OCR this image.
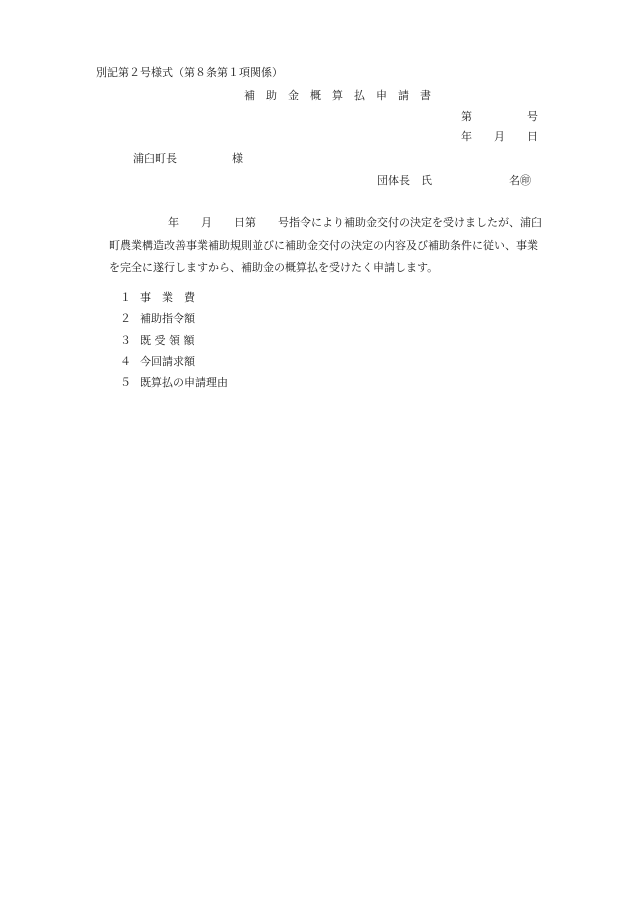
別記第２号様式（第８条第１項関係）
補　助　金　概　算　払　申　請　書
第　　　　　号
年　　月　　日
浦臼町長　　　　　様
団体長　氏　　　　　　　名㊞
年　　月　　日第　　号指令により補助金交付の決定を受けましたが、浦臼
町農業構造改善事業補助規則並びに補助金交付の決定の内容及び補助条件に従い、事業
を完全に遂行しますから、補助金の概算払を受けたく申請します。

１ 事　業　費

２ 補助指令額

３ 既 受 領 額

４ 今回請求額

５ 既算払の申請理由
